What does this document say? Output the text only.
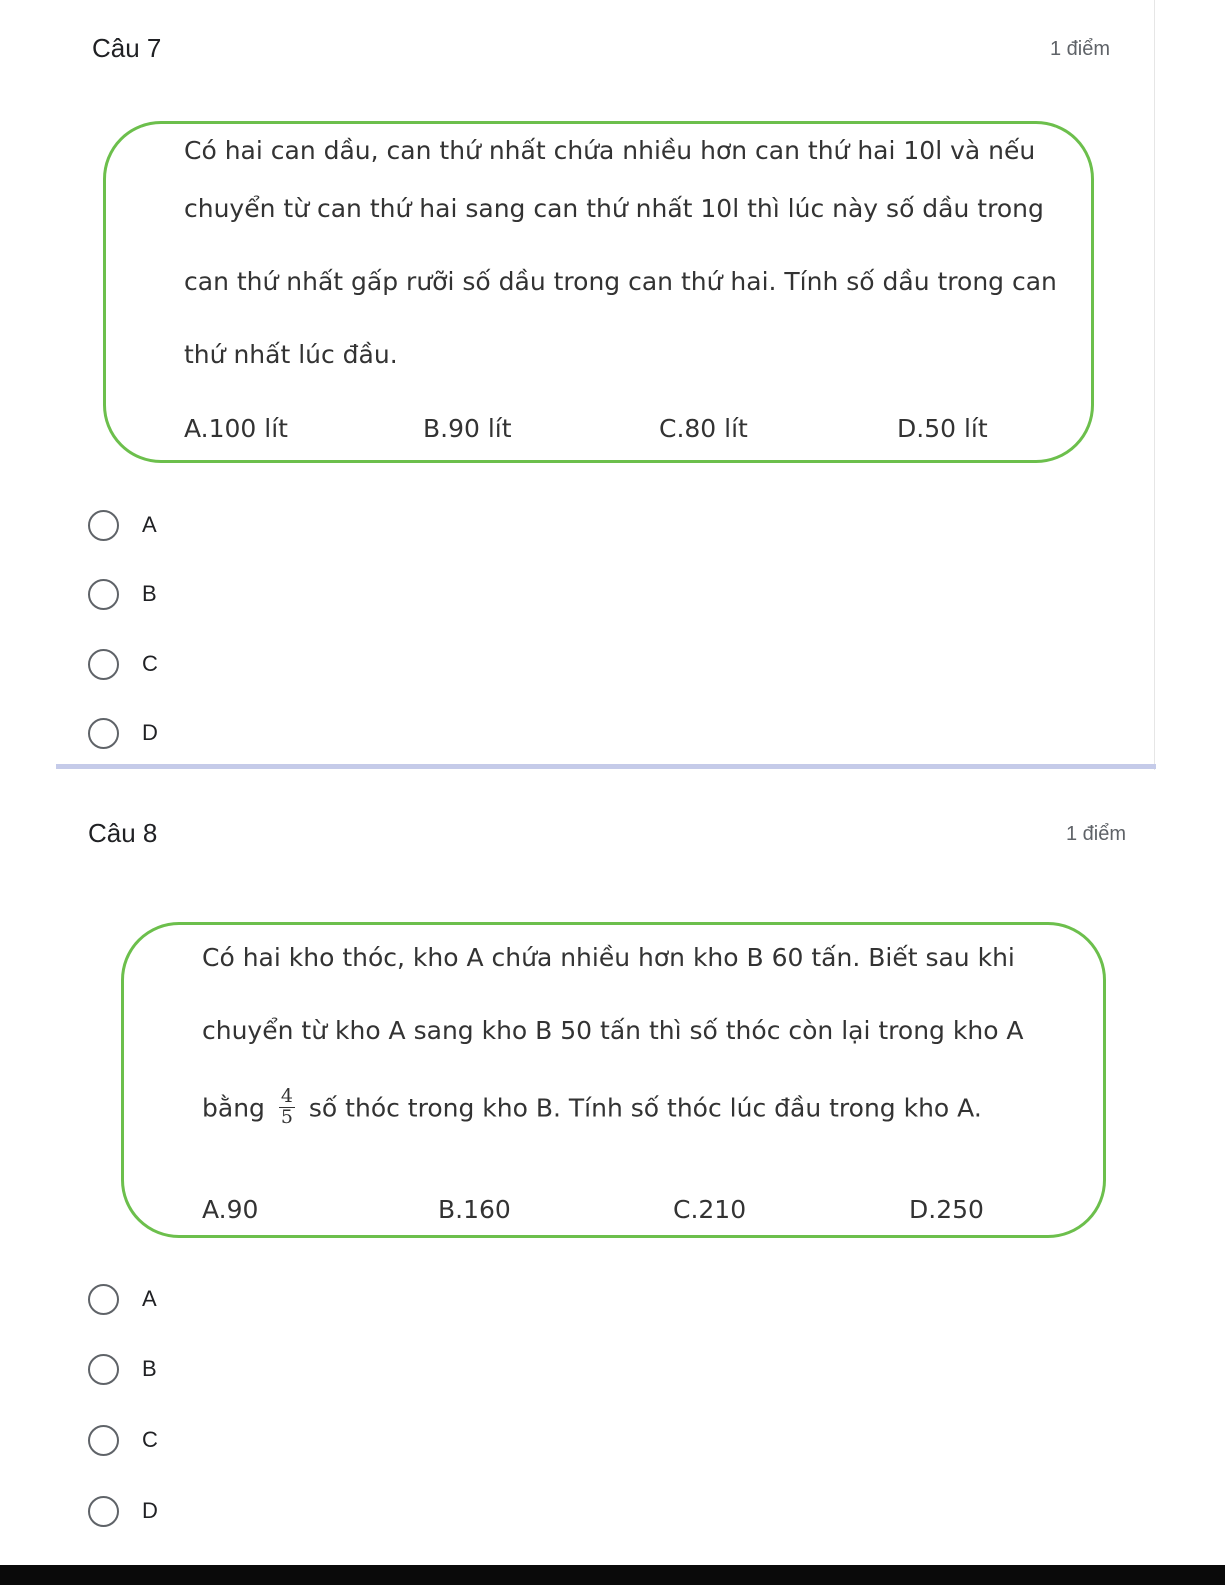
Câu 7	1 điểm
Có hai can dầu, can thứ nhất chứa nhiều hơn can thứ hai 10l và nếu
chuyển từ can thứ hai sang can thứ nhất 10l thì lúc này số dầu trong
can thứ nhất gấp rưỡi số dầu trong can thứ hai. Tính số dầu trong can
thứ nhất lúc đầu.
A.100 lít	B.90 lít	C.80 lít	D.50 lít
A
B
C
D
Câu 8	1 điểm
Có hai kho thóc, kho A chứa nhiều hơn kho B 60 tấn. Biết sau khi
chuyển từ kho A sang kho B 50 tấn thì số thóc còn lại trong kho A
bằng $\frac{4}{5}$ số thóc trong kho B. Tính số thóc lúc đầu trong kho A.
A.90	B.160	C.210	D.250
A
B
C
D
